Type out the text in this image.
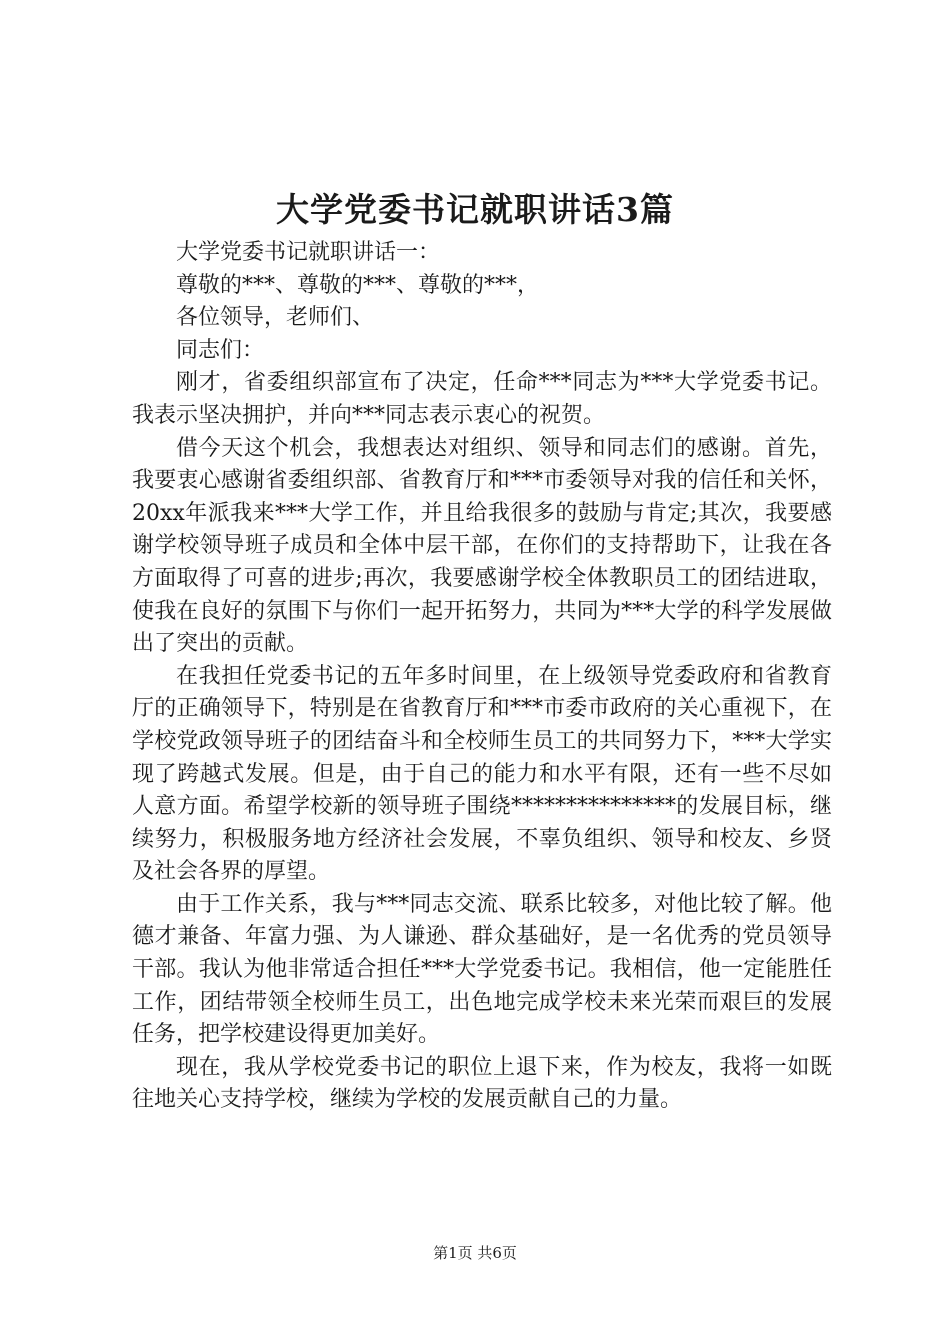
大学党委书记就职讲话3篇

大学党委书记就职讲话一：

尊敬的***、尊敬的***、尊敬的***，

各位领导，老师们、

同志们：

刚才，省委组织部宣布了决定，任命***同志为***大学党委书记。我表示坚决拥护，并向***同志表示衷心的祝贺。

借今天这个机会，我想表达对组织、领导和同志们的感谢。首先，我要衷心感谢省委组织部、省教育厅和***市委领导对我的信任和关怀，20xx年派我来***大学工作，并且给我很多的鼓励与肯定;其次，我要感谢学校领导班子成员和全体中层干部，在你们的支持帮助下，让我在各方面取得了可喜的进步;再次，我要感谢学校全体教职员工的团结进取，使我在良好的氛围下与你们一起开拓努力，共同为***大学的科学发展做出了突出的贡献。

在我担任党委书记的五年多时间里，在上级领导党委政府和省教育厅的正确领导下，特别是在省教育厅和***市委市政府的关心重视下，在学校党政领导班子的团结奋斗和全校师生员工的共同努力下，***大学实现了跨越式发展。但是，由于自己的能力和水平有限，还有一些不尽如人意方面。希望学校新的领导班子围绕***************的发展目标，继续努力，积极服务地方经济社会发展，不辜负组织、领导和校友、乡贤及社会各界的厚望。

由于工作关系，我与***同志交流、联系比较多，对他比较了解。他德才兼备、年富力强、为人谦逊、群众基础好，是一名优秀的党员领导干部。我认为他非常适合担任***大学党委书记。我相信，他一定能胜任工作，团结带领全校师生员工，出色地完成学校未来光荣而艰巨的发展任务，把学校建设得更加美好。

现在，我从学校党委书记的职位上退下来，作为校友，我将一如既往地关心支持学校，继续为学校的发展贡献自己的力量。

第1页 共6页
